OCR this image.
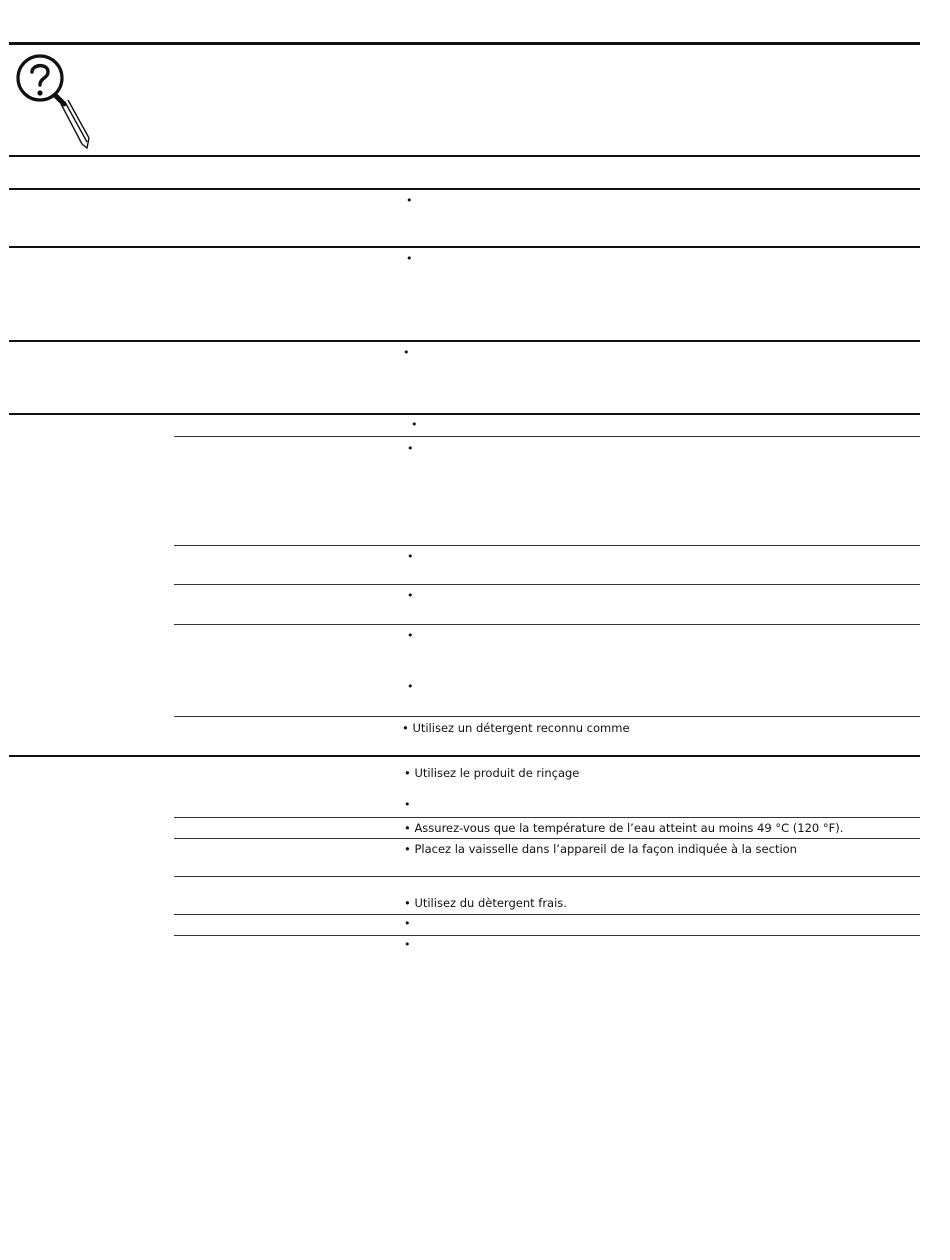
•
•
•
•
•
•
•
•
•
• Utilisez un détergent reconnu comme
• Utilisez le produit de rinçage
•
• Assurez-vous que la température de l’eau atteint au moins 49 °C (120 °F).
• Placez la vaisselle dans l’appareil de la façon indiquée à la section
• Utilisez du dètergent frais.
•
•
